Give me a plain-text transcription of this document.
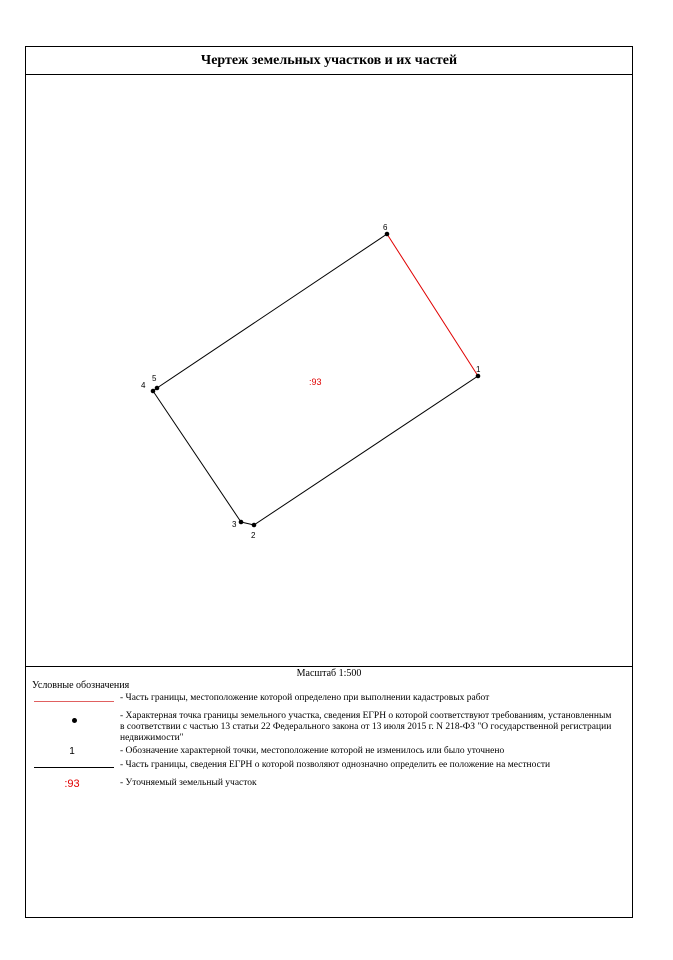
Чертеж земельных участков и их частей
1
2
3
4
5
6
:93
Масштаб 1:500
Условные обозначения
- Часть границы, местоположение которой определено при выполнении кадастровых работ
- Характерная точка границы земельного участка, сведения ЕГРН о которой соответствуют требованиям, установленным в соответствии с частью 13 статьи 22 Федерального закона от 13 июля 2015 г. N 218-ФЗ "О государственной регистрации недвижимости"
1	- Обозначение характерной точки, местоположение которой не изменилось или было уточнено
- Часть границы, сведения ЕГРН о которой позволяют однозначно определить ее положение на местности
:93	- Уточняемый земельный участок
